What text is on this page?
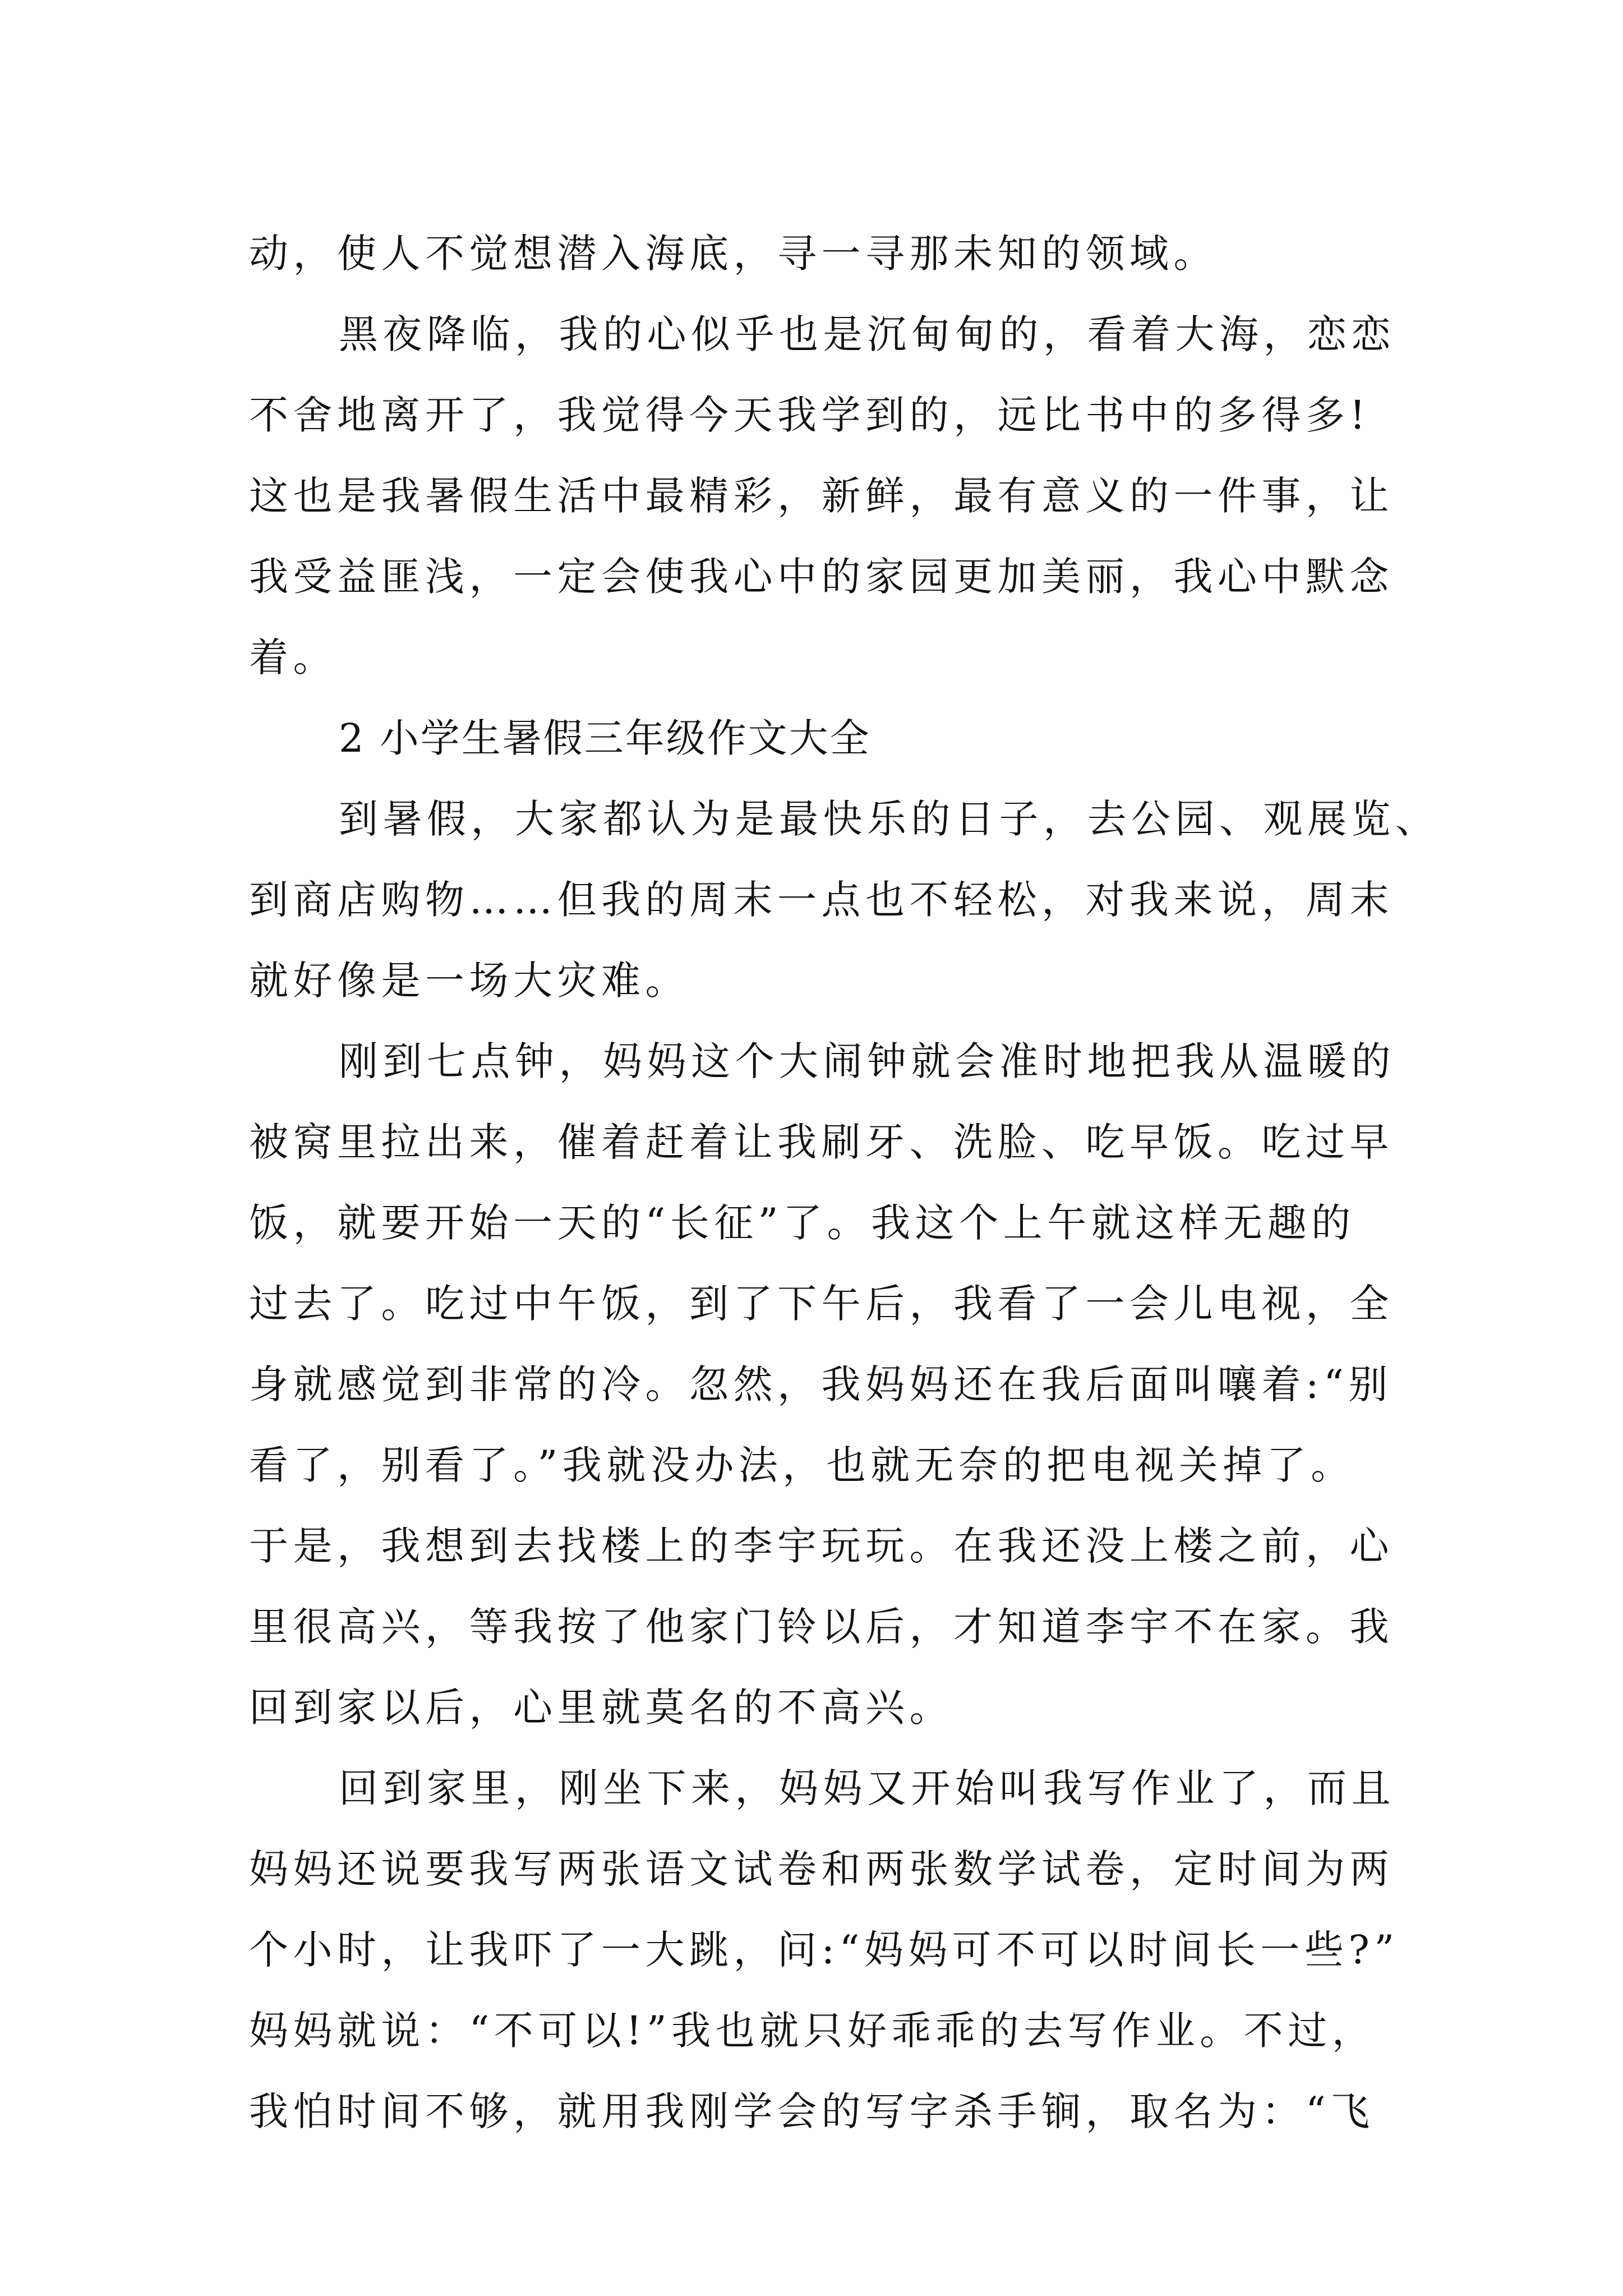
动，使人不觉想潜入海底，寻一寻那未知的领域。

黑夜降临，我的心似乎也是沉甸甸的，看着大海，恋恋

不舍地离开了，我觉得今天我学到的，远比书中的多得多!

这也是我暑假生活中最精彩，新鲜，最有意义的一件事，让

我受益匪浅，一定会使我心中的家园更加美丽，我心中默念

着。

2 小学生暑假三年级作文大全

到暑假，大家都认为是最快乐的日子，去公园、观展览、

到商店购物……但我的周末一点也不轻松，对我来说，周末

就好像是一场大灾难。

刚到七点钟，妈妈这个大闹钟就会准时地把我从温暖的

被窝里拉出来，催着赶着让我刷牙、洗脸、吃早饭。吃过早

饭，就要开始一天的“长征”了。我这个上午就这样无趣的

过去了。吃过中午饭，到了下午后，我看了一会儿电视，全

身就感觉到非常的冷。忽然，我妈妈还在我后面叫嚷着:“别

看了，别看了。”我就没办法，也就无奈的把电视关掉了。

于是，我想到去找楼上的李宇玩玩。在我还没上楼之前，心

里很高兴，等我按了他家门铃以后，才知道李宇不在家。我

回到家以后，心里就莫名的不高兴。

回到家里，刚坐下来，妈妈又开始叫我写作业了，而且

妈妈还说要我写两张语文试卷和两张数学试卷，定时间为两

个小时，让我吓了一大跳，问:“妈妈可不可以时间长一些?”

妈妈就说：“不可以!”我也就只好乖乖的去写作业。不过，

我怕时间不够，就用我刚学会的写字杀手锏，取名为：“飞
